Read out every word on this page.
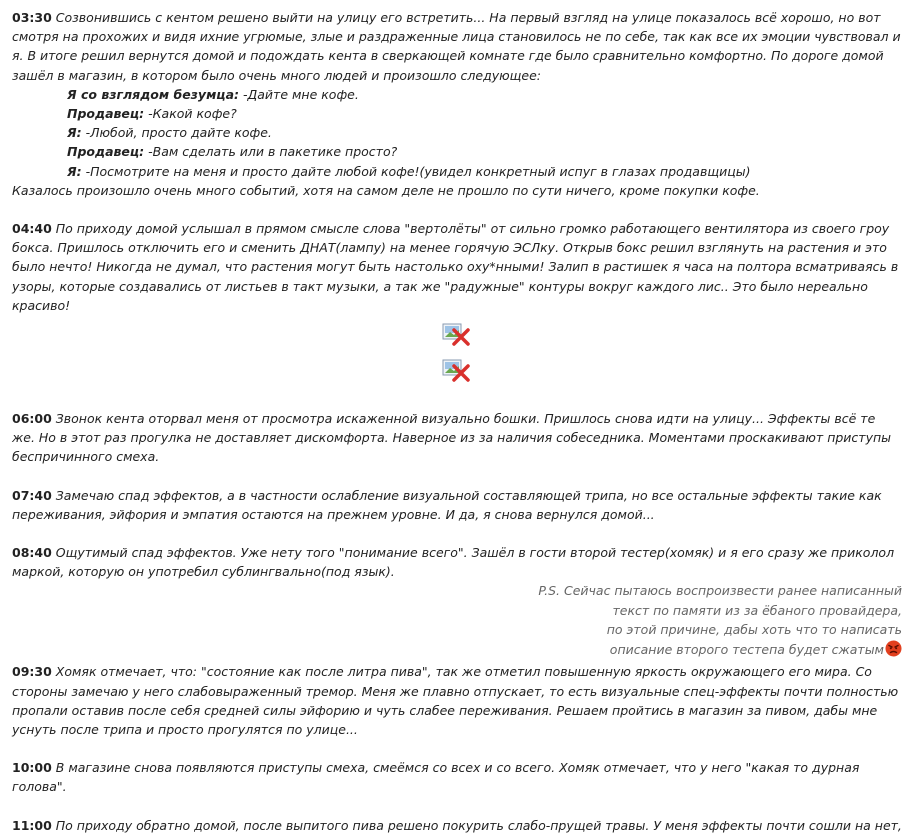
03:30 Созвонившись с кентом решено выйти на улицу его встретить... На первый взгляд на улице показалось всё хорошо, но вот смотря на прохожих и видя ихние угрюмые, злые и раздраженные лица становилось не по себе, так как все их эмоции чувствовал и я. В итоге решил вернутся домой и подождать кента в сверкающей комнате где было сравнительно комфортно. По дороге домой зашёл в магазин, в котором было очень много людей и произошло следующее:

Я со взглядом безумца: -Дайте мне кофе.

Продавец: -Какой кофе?

Я: -Любой, просто дайте кофе.

Продавец: -Вам сделать или в пакетике просто?

Я: -Посмотрите на меня и просто дайте любой кофе!(увидел конкретный испуг в глазах продавщицы)

Казалось произошло очень много событий, хотя на самом деле не прошло по сути ничего, кроме покупки кофе.

04:40 По приходу домой услышал в прямом смысле слова "вертолёты" от сильно громко работающего вентилятора из своего гроу бокса. Пришлось отключить его и сменить ДНАТ(лампу) на менее горячую ЭСЛку. Открыв бокс решил взглянуть на растения и это было нечто! Никогда не думал, что растения могут быть настолько оху*нными! Залип в растишек я часа на полтора всматриваясь в узоры, которые создавались от листьев в такт музыки, а так же "радужные" контуры вокруг каждого лис.. Это было нереально красиво!

06:00 Звонок кента оторвал меня от просмотра искаженной визуально бошки. Пришлось снова идти на улицу... Эффекты всё те же. Но в этот раз прогулка не доставляет дискомфорта. Наверное из за наличия собеседника. Моментами проскакивают приступы беспричинного смеха.

07:40 Замечаю спад эффектов, а в частности ослабление визуальной составляющей трипа, но все остальные эффекты такие как переживания, эйфория и эмпатия остаются на прежнем уровне. И да, я снова вернулся домой...

08:40 Ощутимый спад эффектов. Уже нету того "понимание всего". Зашёл в гости второй тестер(хомяк) и я его сразу же приколол маркой, которую он употребил сублингвально(под язык).

P.S. Сейчас пытаюсь воспроизвести ранее написанный
текст по памяти из за ёбаного провайдера,
по этой причине, дабы хоть что то написать
описание второго тестепа будет сжатым

09:30 Хомяк отмечает, что: "состояние как после литра пива", так же отметил повышенную яркость окружающего его мира. Со стороны замечаю у него слабовыраженный тремор. Меня же плавно отпускает, то есть визуальные спец-эффекты почти полностью пропали оставив после себя средней силы эйфорию и чуть слабее переживания. Решаем пройтись в магазин за пивом, дабы мне уснуть после трипа и просто прогулятся по улице...

10:00 В магазине снова появляются приступы смеха, смеёмся со всех и со всего. Хомяк отмечает, что у него "какая то дурная голова".

11:00 По приходу обратно домой, после выпитого пива решено покурить слабо-прущей травы. У меня эффекты почти сошли на нет,
